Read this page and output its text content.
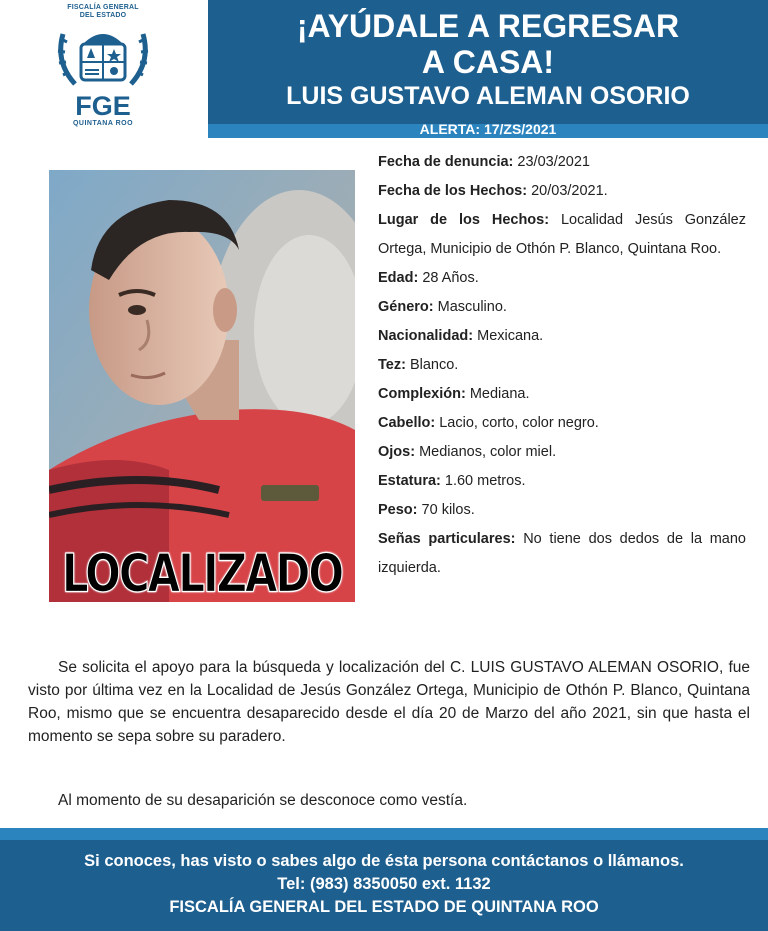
FISCALÍA GENERAL
DEL ESTADO
FGE
QUINTANA ROO
¡AYÚDALE A REGRESAR
A CASA!
LUIS GUSTAVO ALEMAN OSORIO
ALERTA: 17/ZS/2021
LOCALIZADO

Fecha de denuncia: 23/03/2021

Fecha de los Hechos: 20/03/2021.

Lugar de los Hechos: Localidad Jesús González Ortega, Municipio de Othón P. Blanco, Quintana Roo.

Edad: 28 Años.

Género: Masculino.

Nacionalidad: Mexicana.

Tez: Blanco.

Complexión: Mediana.

Cabello: Lacio, corto, color negro.

Ojos: Medianos, color miel.

Estatura: 1.60 metros.

Peso: 70 kilos.

Señas particulares: No tiene dos dedos de la mano izquierda.

Se solicita el apoyo para la búsqueda y localización del C. LUIS GUSTAVO ALEMAN OSORIO, fue visto por última vez en la Localidad de Jesús González Ortega, Municipio de Othón P. Blanco, Quintana Roo, mismo que se encuentra desaparecido desde el día 20 de Marzo del año 2021, sin que hasta el momento se sepa sobre su paradero.

Al momento de su desaparición se desconoce como vestía.

Si conoces, has visto o sabes algo de ésta persona contáctanos o llámanos.
Tel: (983) 8350050 ext. 1132
FISCALÍA GENERAL DEL ESTADO DE QUINTANA ROO
